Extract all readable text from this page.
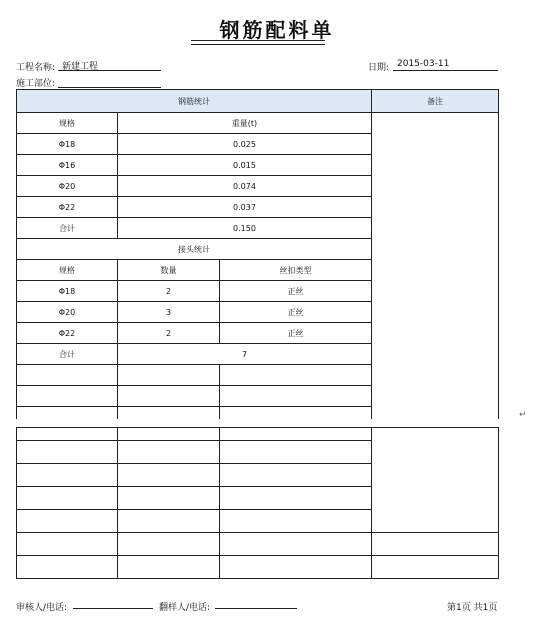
钢筋配料单
工程名称: 新建工程	日期: 2015-03-11
施工部位:
钢筋统计			备注
规格	重量(t)		
Φ18	0.025		
Φ16	0.015		
Φ20	0.074		
Φ22	0.037		
合计	0.150		
接头统计			
规格	数量	丝扣类型	
Φ18	2	正丝	
Φ20	3	正丝	
Φ22	2	正丝	
合计	7		

↵

审核人/电话:	翻样人/电话:	第1页 共1页
